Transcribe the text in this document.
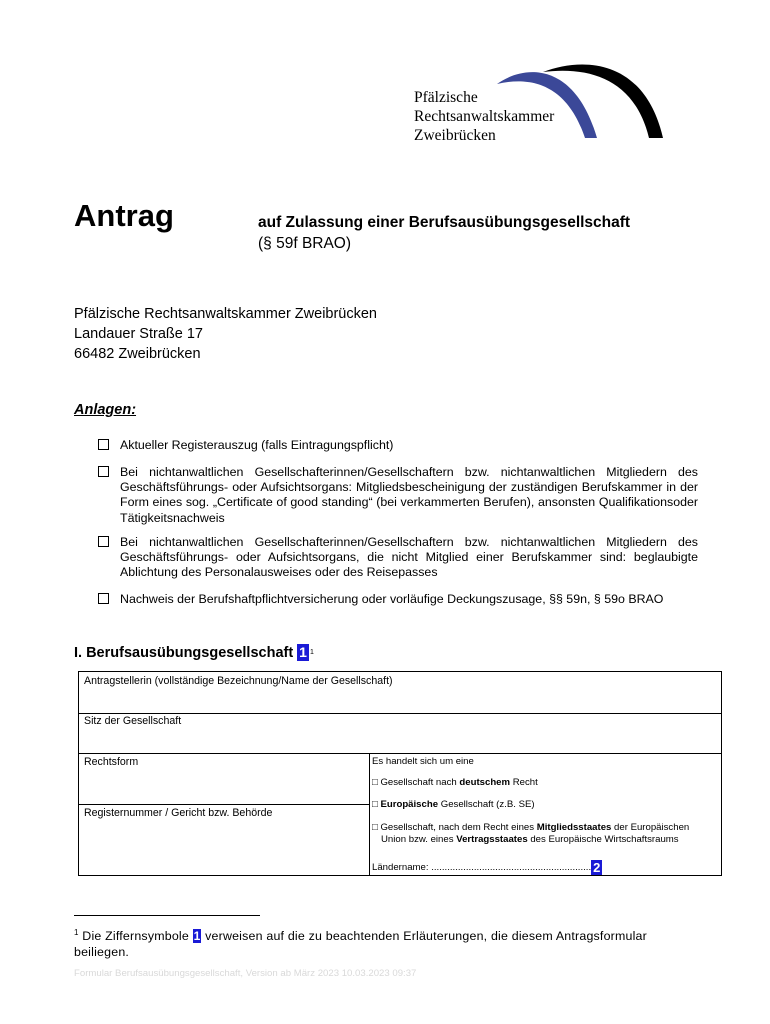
Pfälzische
Rechtsanwaltskammer
Zweibrücken
Antrag	auf Zulassung einer Berufsausübungsgesellschaft
(§ 59f BRAO)
Pfälzische Rechtsanwaltskammer Zweibrücken
Landauer Straße 17
66482 Zweibrücken
Anlagen:
Aktueller Registerauszug (falls Eintragungspflicht)
Bei nichtanwaltlichen Gesellschafterinnen/Gesellschaftern bzw. nichtanwaltlichen Mitgliedern des Geschäftsführungs- oder Aufsichtsorgans: Mitgliedsbescheinigung der zuständigen Berufskammer in der Form eines sog. „Certificate of good standing“ (bei verkammerten Berufen), ansonsten Qualifikationsoder Tätigkeitsnachweis
Bei nichtanwaltlichen Gesellschafterinnen/Gesellschaftern bzw. nichtanwaltlichen Mitgliedern des Geschäftsführungs- oder Aufsichtsorgans, die nicht Mitglied einer Berufskammer sind: beglaubigte Ablichtung des Personalausweises oder des Reisepasses
Nachweis der Berufshaftpflichtversicherung oder vorläufige Deckungszusage, §§ 59n, § 59o BRAO
I. Berufsausübungsgesellschaft 1 1
Antragstellerin (vollständige Bezeichnung/Name der Gesellschaft)
Sitz der Gesellschaft
Rechtsform
Registernummer / Gericht bzw. Behörde
Es handelt sich um eine
□ Gesellschaft nach deutschem Recht
□ Europäische Gesellschaft (z.B. SE)
□ Gesellschaft, nach dem Recht eines Mitgliedsstaates der Europäischen
Union bzw. eines Vertragsstaates des Europäische Wirtschaftsraums
Ländername: ............................................................ 2
$^1$ Die Ziffernsymbole 1 verweisen auf die zu beachtenden Erläuterungen, die diesem Antragsformular beiliegen.
Formular Berufsausübungsgesellschaft, Version ab März 2023 10.03.2023 09:37
